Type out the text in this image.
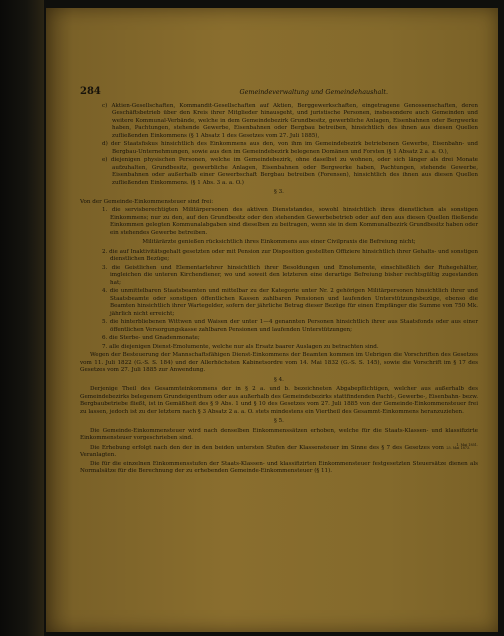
284	Gemeindeverwaltung und Gemeindehaushalt.

c) Aktien-Gesellschaften, Kommandit-Gesellschaften auf Aktien, Berggewerkschaften, eingetragene Genossenschaften, deren Geschäftsbetrieb über den Kreis ihrer Mitglieder hinausgeht, und juristische Personen, insbesondere auch Gemeinden und weitere Kommunal-Verbände, welche in dem Gemeindebezirk Grundbesitz, gewerbliche Anlagen, Eisenbahnen oder Bergwerke haben, Pachtungen, stehende Gewerbe, Eisenbahnen oder Bergbau betreiben, hinsichtlich des ihnen aus diesen Quellen zufließenden Einkommens (§ 1 Absatz 1 des Gesetzes vom 27. Juli 1885),

d) der Staatsfiskus hinsichtlich des Einkommens aus den, von ihm im Gemeindebezirk betriebenen Gewerbe, Eisenbahn- und Bergbau-Unternehmungen, sowie aus den im Gemeindebezirk belegenen Domänen und Forsten (§ 1 Absatz 2 a. a. O.),

e) diejenigen physischen Personen, welche im Gemeindebezirk, ohne daselbst zu wohnen, oder sich länger als drei Monate aufzuhalten, Grundbesitz, gewerbliche Anlagen, Eisenbahnen oder Bergwerke haben, Pachtungen, stehende Gewerbe, Eisenbahnen oder außerhalb einer Gewerbschaft Bergbau betreiben (Forensen), hinsichtlich des ihnen aus diesen Quellen zufließenden Einkommens. (§ 1 Abs. 3 a. a. O.)

§ 3.

Von der Gemeinde-Einkommensteuer sind frei:

1. die servisberechtigten Militärpersonen des aktiven Dienststandes, sowohl hinsichtlich ihres dienstlichen als sonstigen Einkommens; nur zu den, auf den Grundbesitz oder den stehenden Gewerbebetrieb oder auf den aus diesen Quellen fließende Einkommen gelegten Kommunalabgaben sind dieselben zu beitragen, wenn sie in dem Kommunalbezirk Grundbesitz haben oder ein stehendes Gewerbe betreiben.

Militärärzte genießen rücksichtlich ihres Einkommens aus einer Civilpraxis die Befreiung nicht;

2. die auf Inaktivitätsgehalt gesetzten oder mit Pension zur Disposition gestellten Offiziere hinsichtlich ihrer Gehalts- und sonstigen dienstlichen Bezüge;

3. die Geistlichen und Elementarlehrer hinsichtlich ihrer Besoldungen und Emolumente, einschließlich der Ruhegehälter, imgleichen die unteren Kirchendiener, wo und soweit den letzteren eine derartige Befreiung bisher rechtsgültig zugestanden hat;

4. die unmittelbaren Staatsbeamten und mittelbar zu der Kategorie unter Nr. 2 gehörigen Militärpersonen hinsichtlich ihrer und Staatsbeamte oder sonstigen öffentlichen Kassen zahlbaren Pensionen und laufenden Unterstützungsbezüge, ebenso die Beamten hinsichtlich ihrer Wartegelder, sofern der jährliche Betrag dieser Bezüge für einen Empfänger die Summe von 750 Mk. jährlich nicht erreicht;

5. die hinterbliebenen Wittwen und Waisen der unter 1—4 genannten Personen hinsichtlich ihrer aus Staatsfonds oder aus einer öffentlichen Versorgungskasse zahlbaren Pensionen und laufenden Unterstützungen;

6. die Sterbe- und Gnadenmonate;

7. alle diejenigen Dienst-Emolumente, welche nur als Ersatz baarer Auslagen zu betrachten sind.

Wegen der Besteuerung der Mannschaftsfähigen Dienst-Einkommens der Beamten kommen im Uebrigen die Vorschriften des Gesetzes vom 11. Juli 1822 (G.-S. S. 184) und der Allerhöchsten Kabinetsordre vom 14. Mai 1832 (G.-S. S. 145), sowie die Vorschrift im § 17 des Gesetzes vom 27. Juli 1885 zur Anwendung.

§ 4.

Derjenige Theil des Gesammteinkommens der in § 2 a. und b. bezeichneten Abgabepflichtigen, welcher aus außerhalb des Gemeindebezirks belegenem Grundeigenthum oder aus außerhalb des Gemeindebezirks stattfindenden Pacht-, Gewerbe-, Eisenbahn- bezw. Bergbaubetriebe fließt, ist in Gemäßheit des § 9 Abs. 1 und § 10 des Gesetzes vom 27. Juli 1885 von der Gemeinde-Einkommensteuer frei zu lassen, jedoch ist zu der letztern nach § 3 Absatz 2 a. a. O. stets mindestens ein Viertheil des Gesammt-Einkommens heranzuziehen.

§ 5.

Die Gemeinde-Einkommensteuer wird nach denselben Einkommenssätzen erhoben, welche für die Staats-Klassen- und klassifizirte Einkommensteuer vorgeschrieben sind.

Die Erhebung erfolgt nach den der in den beiden untersten Stufen der Klassensteuer im Sinne des § 7 des Gesetzes vom 1. Mai 1851.
25. Mai 1873. Veranlagten.

Die für die einzelnen Einkommensstufen der Staats-Klassen- und klassifizirten Einkommensteuer festgesetzten Steuersätze dienen als Normalsätze für die Berechnung der zu erhebenden Gemeinde-Einkommensteuer (§ 11).
